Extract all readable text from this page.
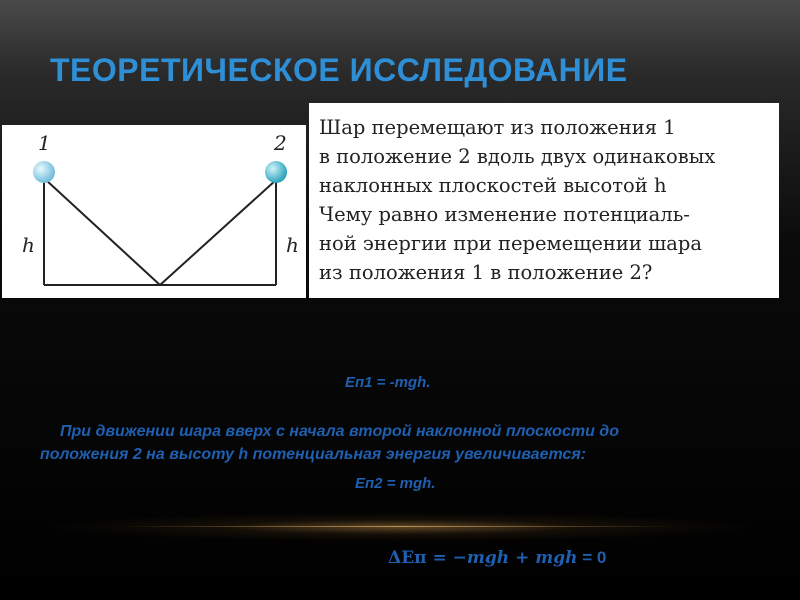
ТЕОРЕТИЧЕСКОЕ ИССЛЕДОВАНИЕ
1	2
h	h
Шар перемещают из положения 1
в положение 2 вдоль двух одинаковых
наклонных плоскостей высотой h
Чему равно изменение потенциаль-
ной энергии при перемещении шара
из положения 1 в положение 2?
Еп1 = -mgh.
При движении шара вверх с начала второй наклонной плоскости до
положения 2 на высоту h потенциальная энергия увеличивается:
Еп2 = mgh.
ΔЕп = −mgh + mgh = 0
